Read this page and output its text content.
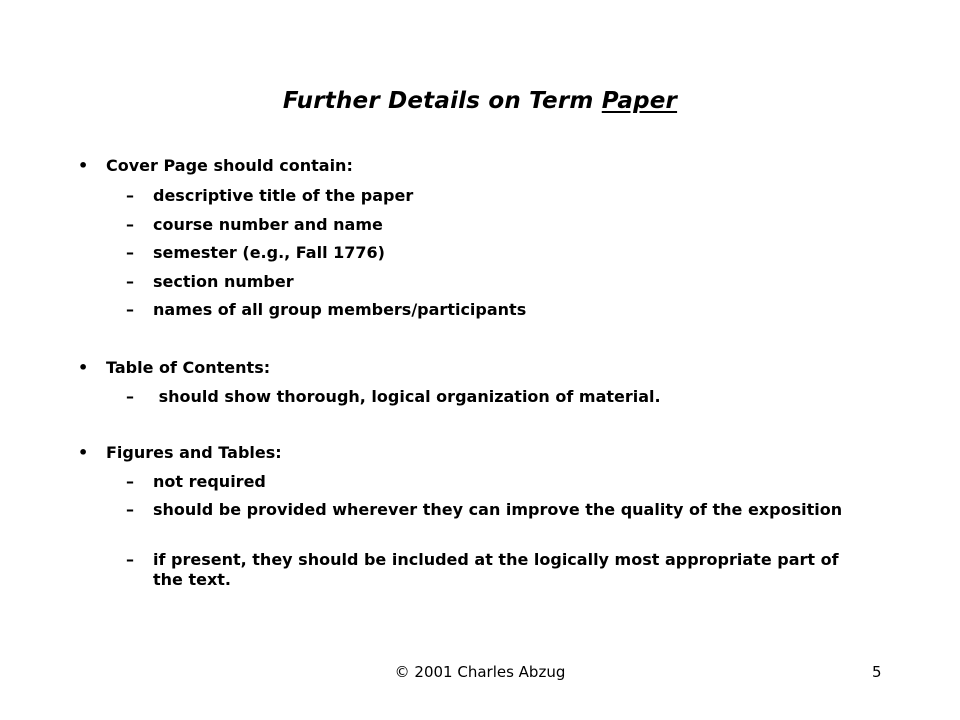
Further Details on Term Paper
• Cover Page should contain:
– descriptive title of the paper
– course number and name
– semester (e.g., Fall 1776)
– section number
– names of all group members/participants
• Table of Contents:
– should show thorough, logical organization of material.
• Figures and Tables:
– not required
– should be provided wherever they can improve the quality of the exposition
– if present, they should be included at the logically most appropriate part of the text.
© 2001 Charles Abzug	5
